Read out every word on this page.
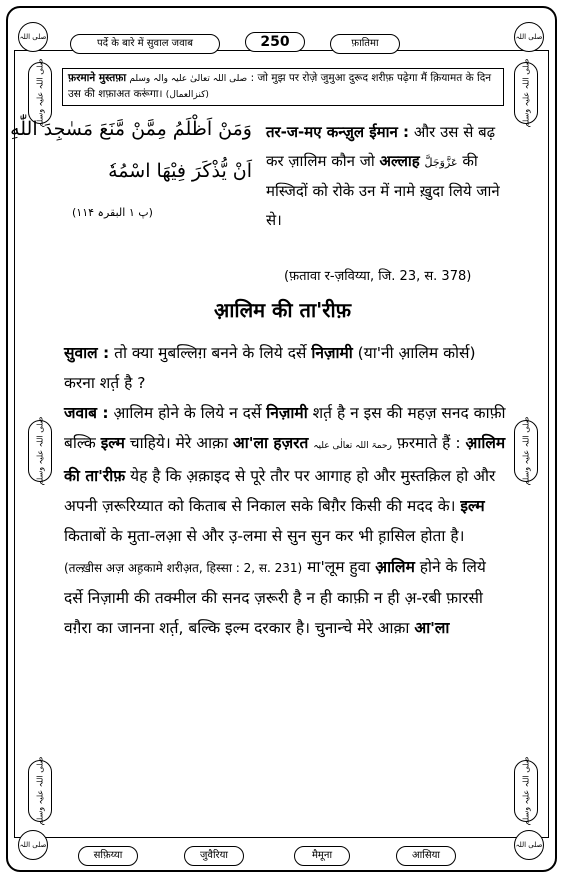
पर्दे के बारे में सुवाल जवाब	250	फ़ातिमा
صلی اللہ	صلی اللہ
صلی اللہ	صلی اللہ
صلی اللہ علیہ وسلم
صلی اللہ علیہ وسلم
صلی اللہ علیہ وسلم
صلی اللہ علیہ وسلم
صلی اللہ علیہ وسلم
صلی اللہ علیہ وسلم
फ़रमाने मुस्तफ़ा صلی اللہ تعالیٰ علیہ والہ وسلم : जो मुझ पर रोज़े जुमुआ दुरूद शरीफ़ पढ़ेगा मैं क़ियामत के दिन उस की शफ़ाअत करूंगा। (کنزالعمال)
وَمَنْ اَظْلَمُ مِمَّنْ مَّنَعَ مَسٰجِدَ اللّٰهِ
اَنْ يُّذْكَرَ فِيْهَا اسْمُهٗ
(پ ۱ البقرہ ۱۱۴)
तर-ज-मए कन्ज़ुल ईमान : और उस से बढ़ कर ज़ालिम कौन जो अल्लाह عَزَّوَجَلَّ की मस्जिदों को रोके उन में नामे ख़ुदा लिये जाने से।
(फ़तावा र-ज़विय्या, जि. 23, स. 378)
आ़लिम की ता'रीफ़
सुवाल : तो क्या मुबल्लिग़ बनने के लिये दर्से निज़ामी (या'नी आ़लिम कोर्स) करना शर्त़ है ?
जवाब : आ़लिम होने के लिये न दर्से निज़ामी शर्त़ है न इस की महज़ सनद काफ़ी बल्कि इल्म चाहिये। मेरे आक़ा आ'ला हज़रत رحمۃ اللہ تعالٰی علیہ फ़रमाते हैं : आ़लिम की ता'रीफ़ येह है कि अ़क़ाइद से पूरे तौर पर आगाह हो और मुस्तक़िल हो और अपनी ज़रूरिय्यात को किताब से निकाल सके बिग़ैर किसी की मदद के। इल्म किताबों के मुता-लआ़ से और उ़-लमा से सुन सुन कर भी ह़ासिल होता है। (तल्ख़ीस अज़ अह़कामे शरीअ़त, हिस्सा : 2, स. 231) मा'लूम हुवा आ़लिम होने के लिये दर्से निज़ामी की तक्मील की सनद ज़रूरी है न ही काफ़ी न ही अ़-रबी फ़ारसी वग़ैरा का जानना शर्त़, बल्कि इल्म दरकार है। चुनान्चे मेरे आक़ा आ'ला
सफ़िय्या	जुवैरिया	मैमूना	आसिया
